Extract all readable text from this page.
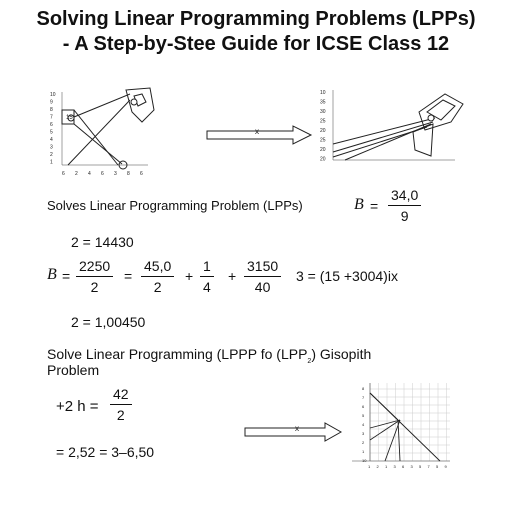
Solving Linear Programming Problems (LPPs)
- A Step-by-Stee Guide for ICSE Class 12
10
9
8
7
6
5
4
3
2
1
6 2 4 6 3 8 6
15
x
10
35
30
25
20
25
20
20
Solves Linear Programming Problem (LPPs)	$B = \frac{34,0}{9}$
2 = 14430
$B = \frac{2250}{2} = \frac{45,0}{2} + \frac{1}{4} + \frac{3150}{40} 3 = (15 +3004)ix$
2 = 1,00450
Solve Linear Programming (LPPP fo $(LPP_2)$ Gisopith
Problem
+2 $h = \frac{42}{2}$
= 2,52 = 3–6,50
x
8
7
6
5
4
3
2
1
10
1 2 1 3 6 3 5 7 5 9
